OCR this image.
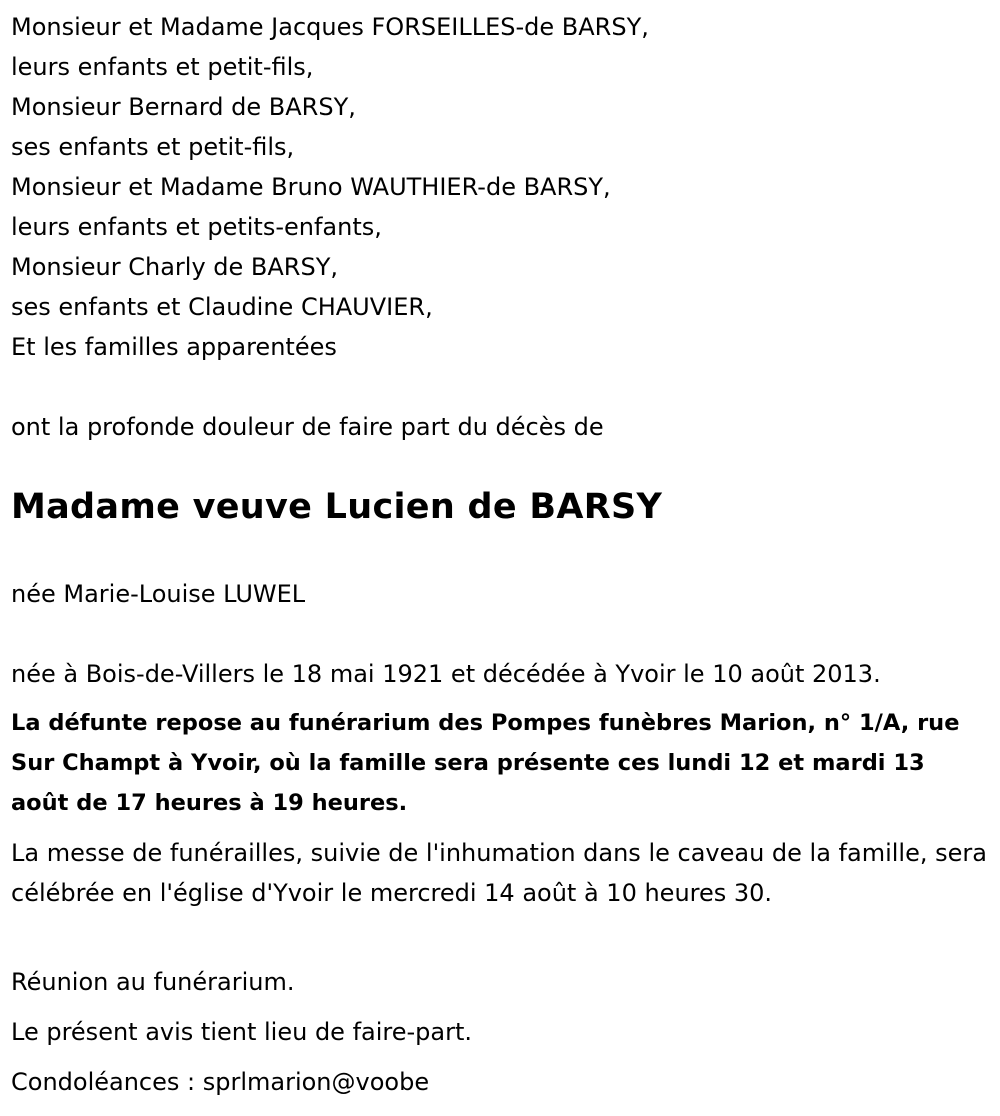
Monsieur et Madame Jacques FORSEILLES-de BARSY,
leurs enfants et petit-fils,
Monsieur Bernard de BARSY,
ses enfants et petit-fils,
Monsieur et Madame Bruno WAUTHIER-de BARSY,
leurs enfants et petits-enfants,
Monsieur Charly de BARSY,
ses enfants et Claudine CHAUVIER,
Et les familles apparentées

ont la profonde douleur de faire part du décès de

Madame veuve Lucien de BARSY

née Marie-Louise LUWEL

née à Bois-de-Villers le 18 mai 1921 et décédée à Yvoir le 10 août 2013.

La défunte repose au funérarium des Pompes funèbres Marion, n° 1/A, rue Sur Champt à Yvoir, où la famille sera présente ces lundi 12 et mardi 13 août de 17 heures à 19 heures.

La messe de funérailles, suivie de l'inhumation dans le caveau de la famille, sera célébrée en l'église d'Yvoir le mercredi 14 août à 10 heures 30.

Réunion au funérarium.

Le présent avis tient lieu de faire-part.

Condoléances : sprlmarion@voobe
